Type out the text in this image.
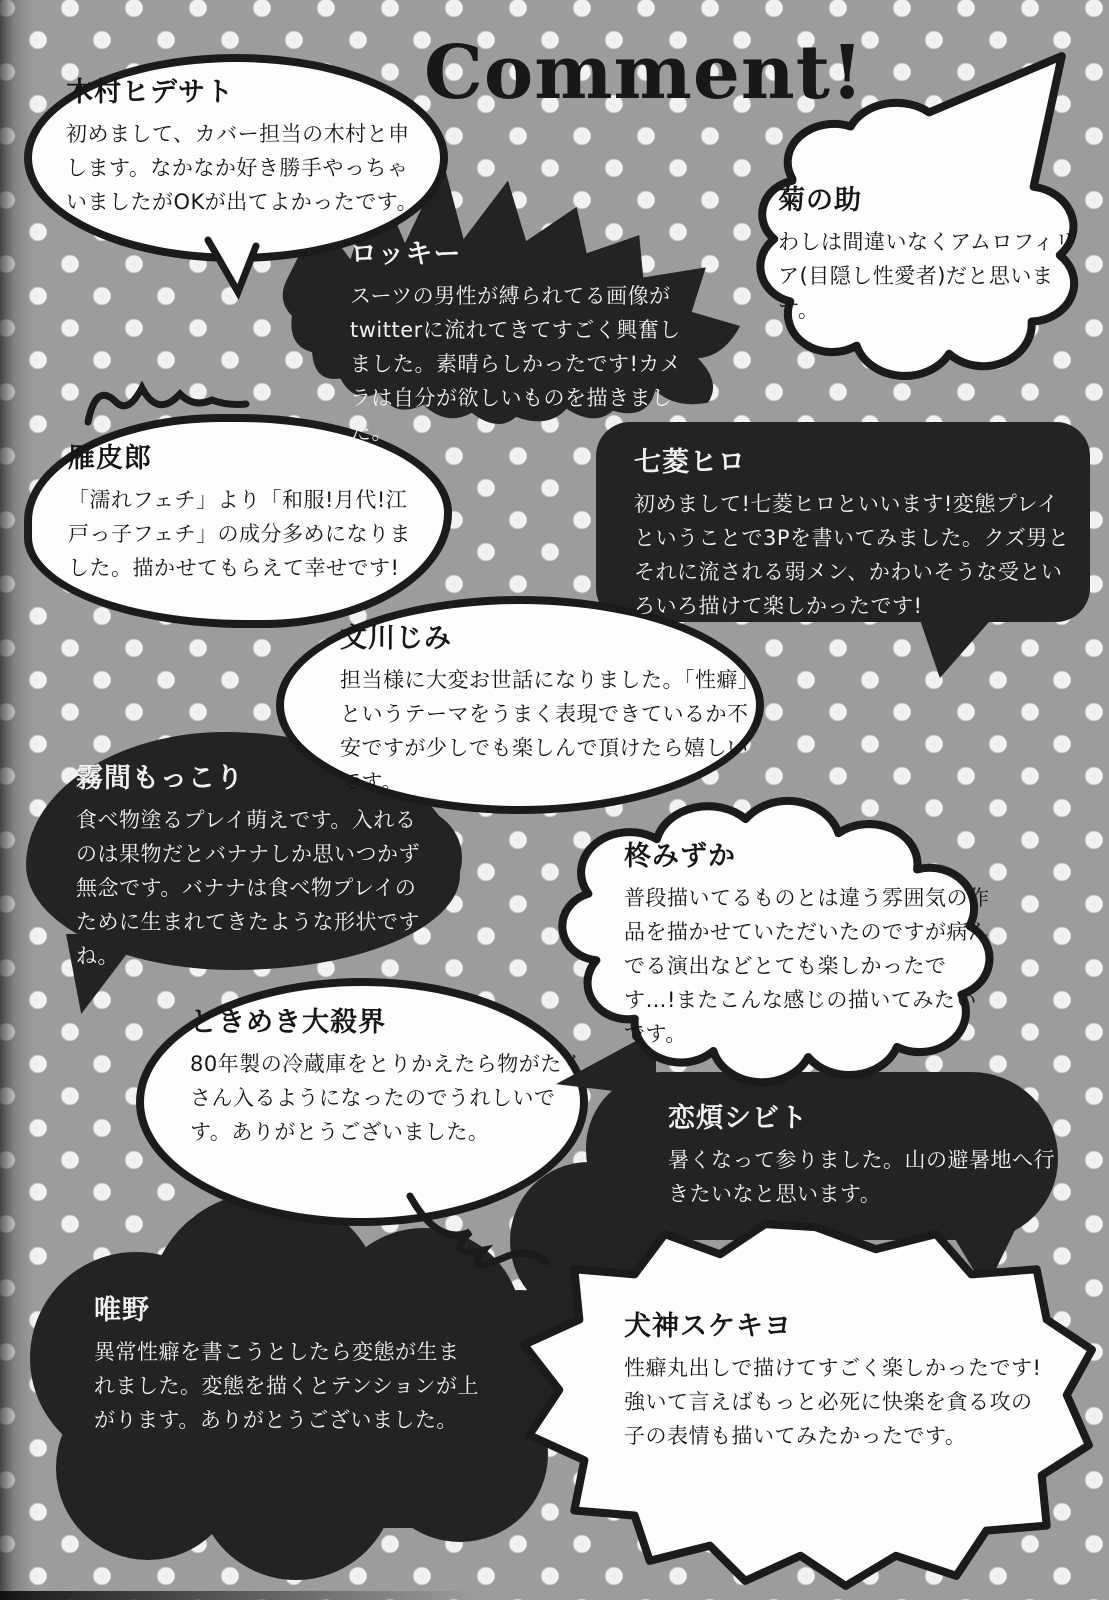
Comment!
ロッキー
スーツの男性が縛られてる画像がtwitterに流れてきてすごく興奮しました。素晴らしかったです!カメラは自分が欲しいものを描きました。
木村ヒデサト
初めまして、カバー担当の木村と申します。なかなか好き勝手やっちゃいましたがOKが出てよかったです。	菊の助
わしは間違いなくアムロフィリア(目隠し性愛者)だと思います。
雁皮郎
「濡れフェチ」より「和服!月代!江戸っ子フェチ」の成分多めになりました。描かせてもらえて幸せです!
七菱ヒロ
初めまして!七菱ヒロといいます!変態プレイということで3Pを書いてみました。クズ男とそれに流される弱メン、かわいそうな受といろいろ描けて楽しかったです!
文川じみ
担当様に大変お世話になりました。「性癖」というテーマをうまく表現できているか不安ですが少しでも楽しんで頂けたら嬉しいです。
霧間もっこり
食べ物塗るプレイ萌えです。入れるのは果物だとバナナしか思いつかず無念です。バナナは食べ物プレイのために生まれてきたような形状ですね。
柊みずか
普段描いてるものとは違う雰囲気の作品を描かせていただいたのですが病んでる演出などとても楽しかったです…!またこんな感じの描いてみたいです。
ときめき大殺界
80年製の冷蔵庫をとりかえたら物がたくさん入るようになったのでうれしいです。ありがとうございました。	恋煩シビト
暑くなって参りました。山の避暑地へ行きたいなと思います。
唯野
異常性癖を書こうとしたら変態が生まれました。変態を描くとテンションが上がります。ありがとうございました。
犬神スケキヨ
性癖丸出しで描けてすごく楽しかったです!強いて言えばもっと必死に快楽を貪る攻の子の表情も描いてみたかったです。
